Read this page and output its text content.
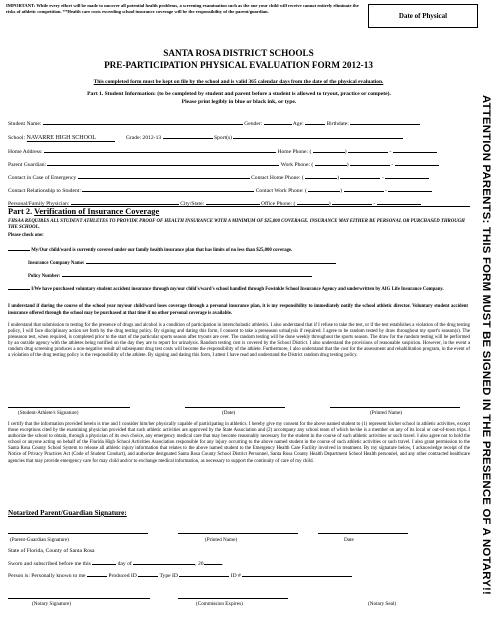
IMPORTANT: While every effort will be made to uncover all potential health problems, a screening examination such as the one your child will receive cannot entirely eliminate the risks of athletic competition. **Health care costs exceeding school insurance coverage will be the responsibility of the parent/guardian.
Date of Physical
SANTA ROSA DISTRICT SCHOOLS
PRE-PARTICIPATION PHYSICAL EVALUATION FORM 2012-13
This completed form must be kept on file by the school and is valid 365 calendar days from the date of the physical evaluation.
Part 1. Student Information: (to be completed by student and parent before a student is allowed to tryout, practice or compete).
Please print legibly in blue or black ink, or type.
Student Name:	Gender:	Age:	Birthdate:
School: NAVARRE HIGH SCHOOL	Grade: 2012-13	Sport(s)
Home Address:	Home Phone: (	)	-
Parent Guardian:	Work Phone: (	)	-
Contact in Case of Emergency	Contact Home Phone: (	)	-
Contact Relationship to Student:	Contact Work Phone: (	)	-
Personal/Family Physician:	City/State:	Office Phone: (	)	-
Part 2. Verification of Insurance Coverage
FHSAA REQUIRES ALL STUDENT ATHLETES TO PROVIDE PROOF OF HEALTH INSURANCE WITH A MINIMUM OF $25,000 COVERAGE. INSURANCE MAY EITHER BE PERSONAL OR PURCHASED THROUGH THE SCHOOL.
Please check one:
My/Our child/ward is currently covered under our family health insurance plan that has limits of no less than $25,000 coverage.
Insurance Company Name:
Policy Number:
I/We have purchased voluntary student accident insurance through my/our child's/ward's school handled through Fowinkle School Insurance Agency and underwritten by AIG Life Insurance Company.
I understand if during the course of the school year my/our child/ward loses coverage through a personal insurance plan, it is my responsibility to immediately notify the school athletic director. Voluntary student accident insurance offered through the school may be purchased at that time if no other personal coverage is available.
I understand that submission to testing for the presence of drugs and alcohol is a condition of participation in interscholastic athletics. I also understand that if I refuse to take the test, or if the test establishes a violation of the drug testing policy, I will face disciplinary action set forth by the drug testing policy. By signing and dating this form, I consent to take a preseason urinalysis if required. I agree to be random tested by draw throughout my sport's season(s). The preseason test, when required, is completed prior to the start of the particular sports season after tryouts are over. The random testing will be done weekly throughout the sports season. The draw for the random testing will be performed by an outside agency with the athletes being notified on the day they are to report for urinalysis. Random testing cost is covered by the School District. I also understand the provisions of reasonable suspicion. However, in the event a random drug screening produces a non-negative result all subsequent drug test costs will become the responsibility of the athlete. Furthermore, I also understand that the cost for the assessment and rehabilitation program, in the event of a violation of the drug testing policy is the responsibility of the athlete. By signing and dating this form, I attest I have read and understand the District random drug testing policy.
(Student-Athlete's Signature)	(Date)	(Printed Name)
I certify that the information provided herein is true and I consider him/her physically capable of participating in athletics. I hereby give my consent for the above named student to (1) represent his/her school in athletic activities, except those exceptions cited by the examining physician provided that such athletic activities are approved by the State Association and (2) accompany any school team of which he/she is a member on any of its local or out-of-town trips. I authorize the school to obtain, through a physician of its own choice, any emergency medical care that may become reasonably necessary for the student in the course of such athletic activities or such travel. I also agree not to hold the school or anyone acting on behalf of the Florida High School Activities Association responsible for any injury occurring to the above named student in the course of such athletic activities or such travel. I also grant permission to the Santa Rosa County School System to release all athletic injury information that relates to the above named student to the Emergency Health Care Facility involved in treatment. By my signature below, I acknowledge receipt of the Notice of Privacy Practices Act (Code of Student Conduct), and authorize designated Santa Rosa County School District Personnel, Santa Rosa County Health Department School Health personnel, and any other contracted healthcare agencies that may provide emergency care for may child and/or to exchange medical information, as necessary to support the continuity of care of my child.
Notarized Parent/Guardian Signature:
(Parent-Guardian Signature)	(Printed Name)	Date
State of Florida, County of Santa Rosa
Sworn and subscribed before me this	day of	, 20	.
Person is: Personally known to me	Produced ID	Type ID	ID #
(Notary Signature)	(Commission Expires)	(Notary Seal)
ATTENTION PARENTS: THIS FORM MUST BE SIGNED IN THE PRESENCE OF A NOTARY!!
